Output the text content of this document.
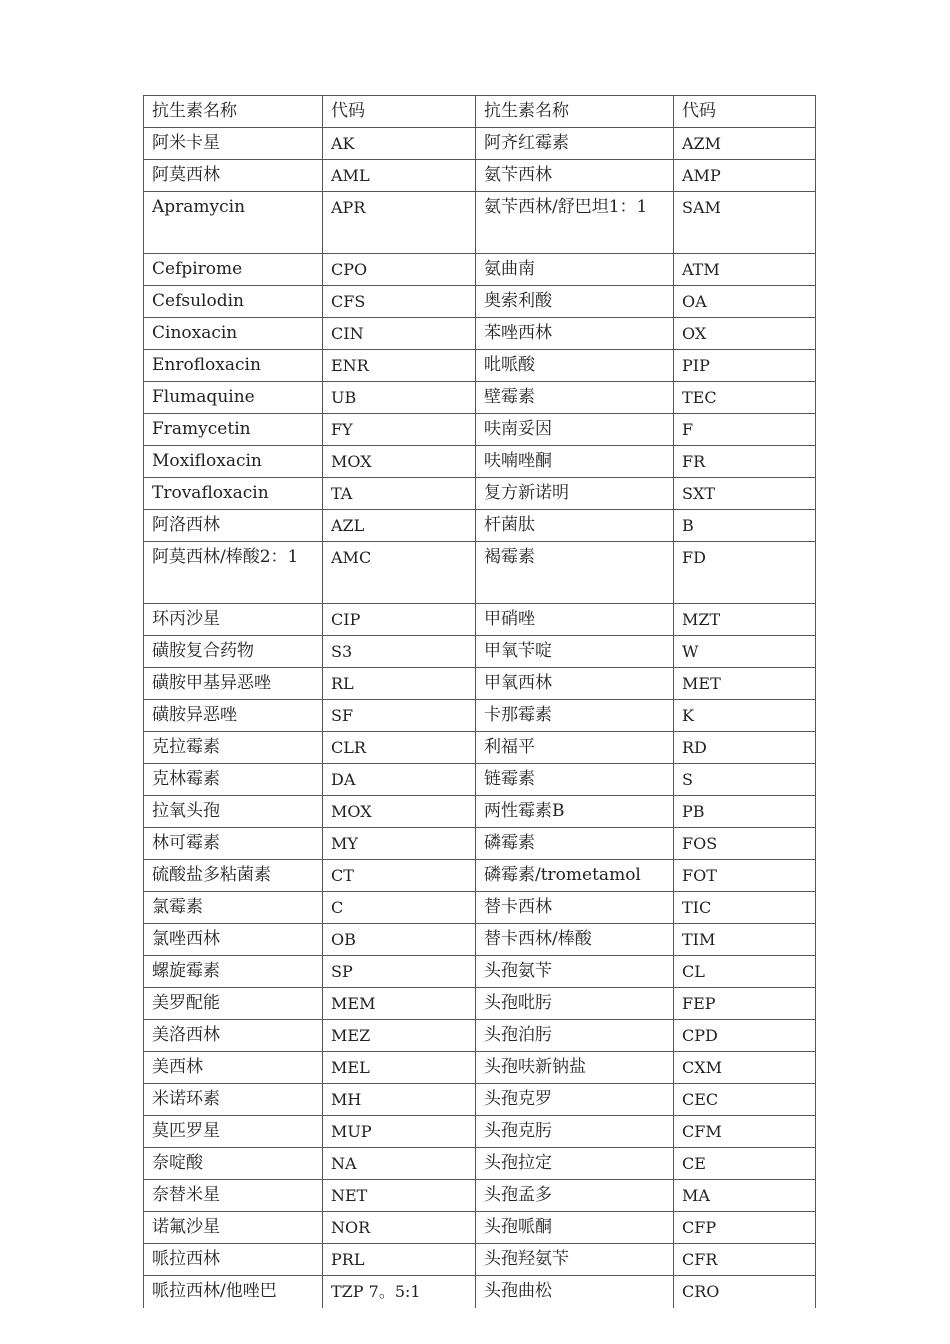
抗生素名称	代码	抗生素名称	代码
阿米卡星	AK	阿齐红霉素	AZM
阿莫西林	AML	氨苄西林	AMP
Apramycin	APR	氨苄西林/舒巴坦1：1	SAM
Cefpirome	CPO	氨曲南	ATM
Cefsulodin	CFS	奥索利酸	OA
Cinoxacin	CIN	苯唑西林	OX
Enrofloxacin	ENR	吡哌酸	PIP
Flumaquine	UB	壁霉素	TEC
Framycetin	FY	呋南妥因	F
Moxifloxacin	MOX	呋喃唑酮	FR
Trovafloxacin	TA	复方新诺明	SXT
阿洛西林	AZL	杆菌肽	B
阿莫西林/棒酸2：1	AMC	褐霉素	FD
环丙沙星	CIP	甲硝唑	MZT
磺胺复合药物	S3	甲氧苄啶	W
磺胺甲基异恶唑	RL	甲氧西林	MET
磺胺异恶唑	SF	卡那霉素	K
克拉霉素	CLR	利福平	RD
克林霉素	DA	链霉素	S
拉氧头孢	MOX	两性霉素B	PB
林可霉素	MY	磷霉素	FOS
硫酸盐多粘菌素	CT	磷霉素/trometamol	FOT
氯霉素	C	替卡西林	TIC
氯唑西林	OB	替卡西林/棒酸	TIM
螺旋霉素	SP	头孢氨苄	CL
美罗配能	MEM	头孢吡肟	FEP
美洛西林	MEZ	头孢泊肟	CPD
美西林	MEL	头孢呋新钠盐	CXM
米诺环素	MH	头孢克罗	CEC
莫匹罗星	MUP	头孢克肟	CFM
奈啶酸	NA	头孢拉定	CE
奈替米星	NET	头孢孟多	MA
诺氟沙星	NOR	头孢哌酮	CFP
哌拉西林	PRL	头孢羟氨苄	CFR
哌拉西林/他唑巴	TZP 7。5:1	头孢曲松	CRO
